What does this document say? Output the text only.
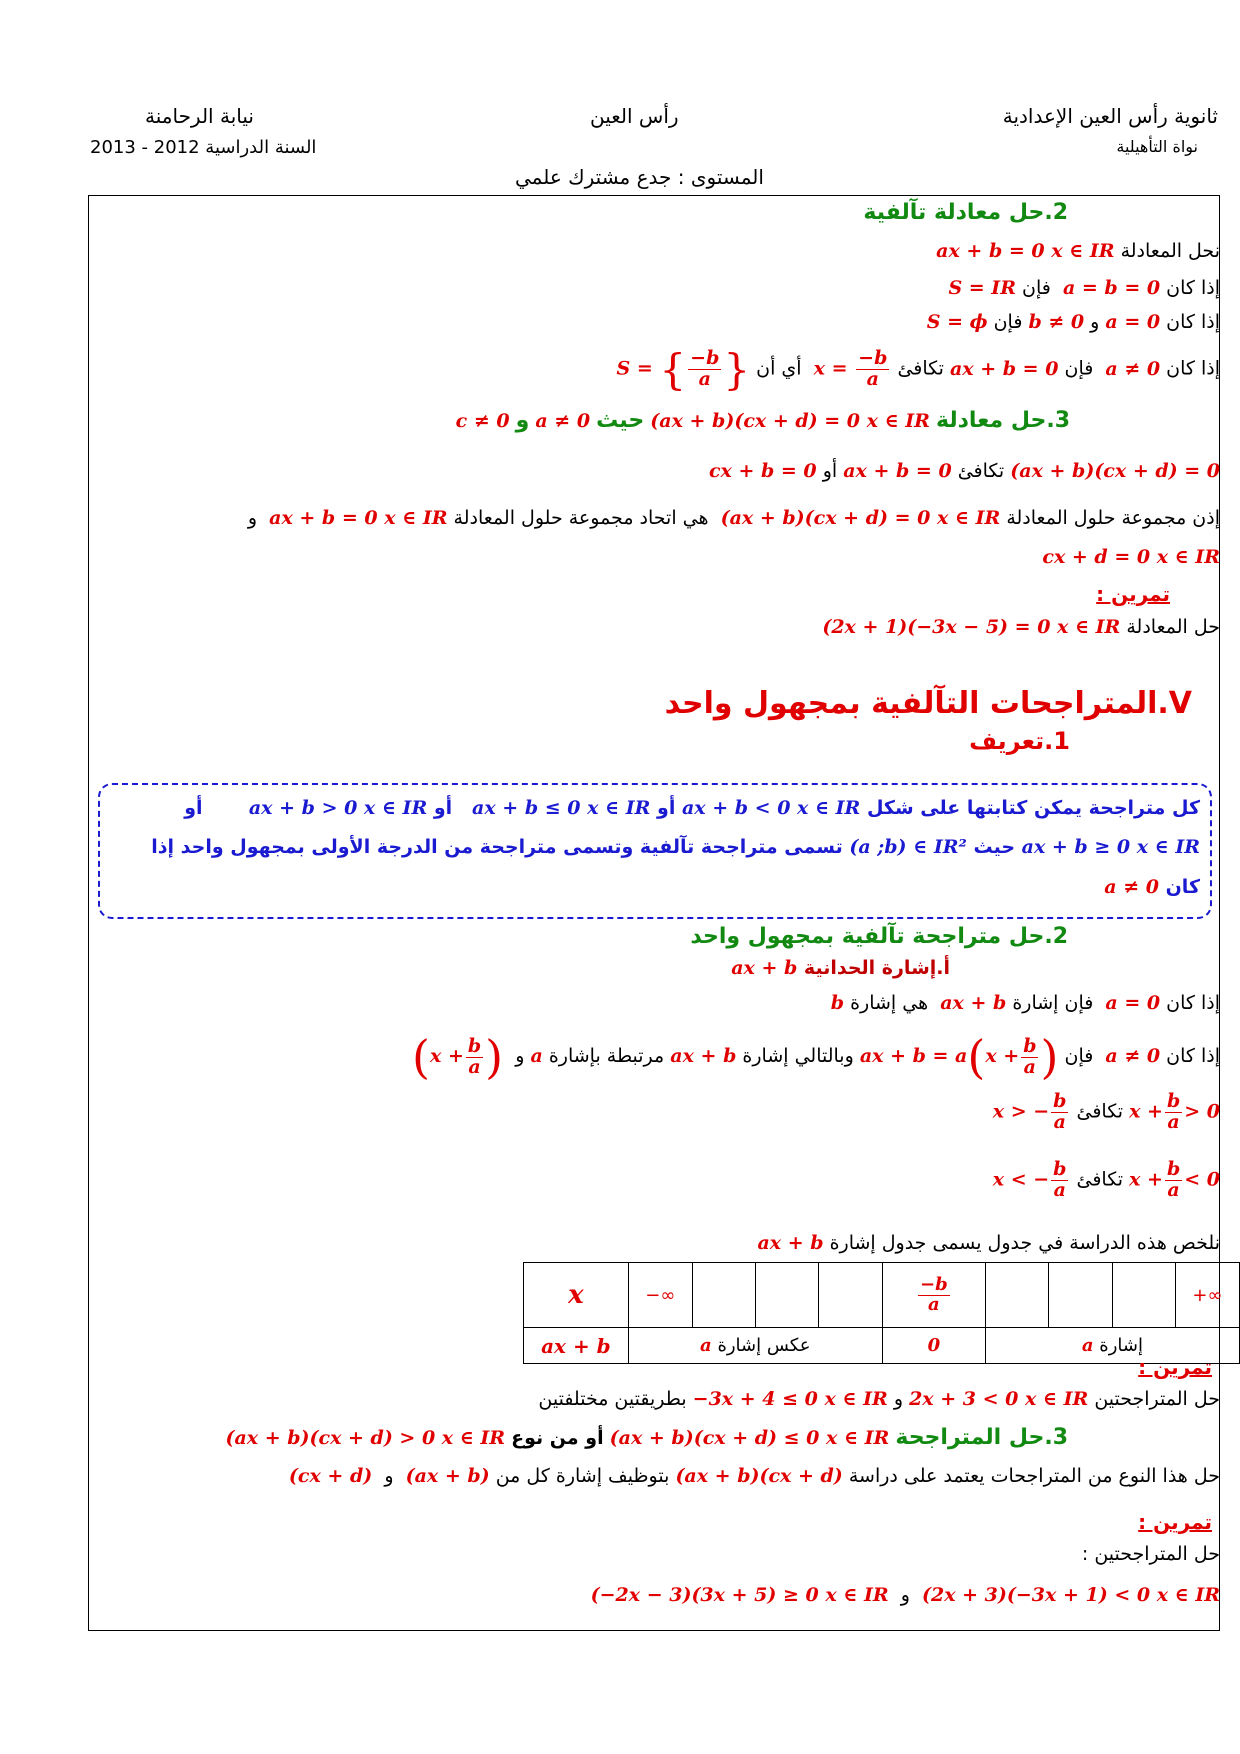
ثانوية رأس العين الإعدادية
نواة التأهيلية
رأس العين
نيابة الرحامنة
السنة الدراسية 2012 - 2013
المستوى : جدع مشترك علمي
2.حل معادلة تآلفية
نحل المعادلة ax + b = 0 x ∈ IR
إذا كان a = b = 0  فإن S = IR
إذا كان a = 0 و b ≠ 0 فإن S = ϕ
إذا كان a ≠ 0  فإن ax + b = 0 تكافئ $x = \frac{-b}{a}$
أي أن S = { $\frac{-b}{a}$ }
3.حل معادلة (ax + b)(cx + d) = 0 x ∈ IR حيث a ≠ 0 و c ≠ 0
(ax + b)(cx + d) = 0 تكافئ ax + b = 0 أو cx + b = 0
إذن مجموعة حلول المعادلة (ax + b)(cx + d) = 0 x ∈ IR  هي اتحاد مجموعة حلول المعادلة ax + b = 0 x ∈ IR  و
cx + d = 0 x ∈ IR
تمرين :
حل المعادلة (2x + 1)(−3x − 5) = 0 x ∈ IR
V.المتراجحات التآلفية بمجهول واحد
1.تعريف
كل متراجحة يمكن كتابتها على شكل ax + b < 0 x ∈ IR أو ax + b ≤ 0 x ∈ IR   أو ax + b > 0 x ∈ IR       أو
ax + b ≥ 0 x ∈ IR حيث (a ;b) ∈ IR² تسمى متراجحة تآلفية وتسمى متراجحة من الدرجة الأولى بمجهول واحد إذا
كان a ≠ 0
2.حل متراجحة تآلفية بمجهول واحد
أ.إشارة الحدانية ax + b
إذا كان a = 0  فإن إشارة ax + b  هي إشارة b
إذا كان a ≠ 0  فإن ax + $b = a(x + \frac{b}{a}$ ) وبالتالي إشارة ax + b مرتبطة بإشارة a و  ($x + \frac{b}{a}$ )
$x + \frac{b}{a} > 0$ تكافئ x > − $\frac{b}{a}$
$x + \frac{b}{a} < 0$ تكافئ x < − $\frac{b}{a}$
نلخص هذه الدراسة في جدول يسمى جدول إشارة ax + b
x	−∞				$\frac{-b}{a}$				+∞
ax + b	عكس إشارة a				0	إشارة a			
تمرين :
حل المتراجحتين 2x + 3 < 0 x ∈ IR و −3x + 4 ≤ 0 x ∈ IR بطريقتين مختلفتين
3.حل المتراجحة (ax + b)(cx + d) ≤ 0 x ∈ IR أو من نوع (ax + b)(cx + d) > 0 x ∈ IR
حل هذا النوع من المتراجحات يعتمد على دراسة (ax + b)(cx + d) بتوظيف إشارة كل من (ax + b)  و  (cx + d)
تمرين :
حل المتراجحتين :
(2x + 3)(−3x + 1) < 0 x ∈ IR  و  (−2x − 3)(3x + 5) ≥ 0 x ∈ IR
